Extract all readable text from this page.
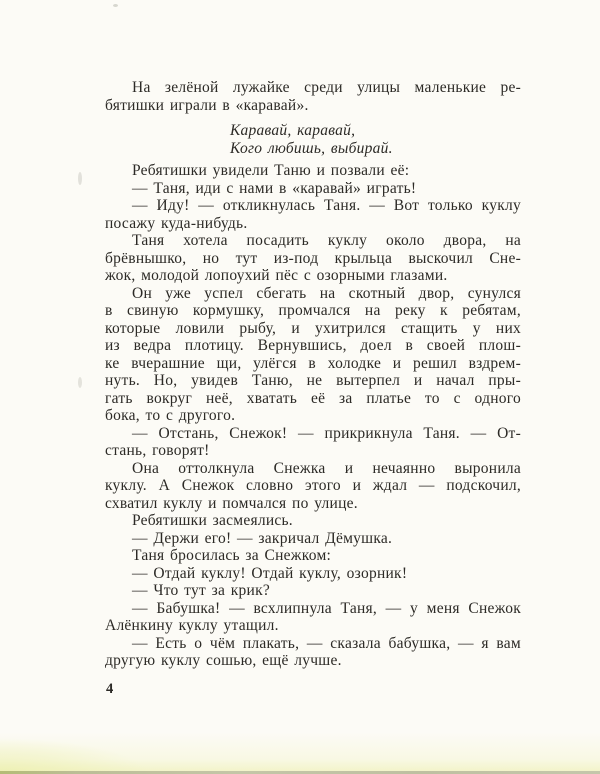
На зелёной лужайке среди улицы маленькие ре-
бятишки играли в «каравай».
Каравай, каравай,
Кого любишь, выбирай.
Ребятишки увидели Таню и позвали её:
— Таня, иди с нами в «каравай» играть!
— Иду! — откликнулась Таня. — Вот только куклу
посажу куда-нибудь.
Таня хотела посадить куклу около двора, на
брёвнышко, но тут из-под крыльца выскочил Сне-
жок, молодой лопоухий пёс с озорными глазами.
Он уже успел сбегать на скотный двор, сунулся
в свиную кормушку, промчался на реку к ребятам,
которые ловили рыбу, и ухитрился стащить у них
из ведра плотицу. Вернувшись, доел в своей плош-
ке вчерашние щи, улёгся в холодке и решил вздрем-
нуть. Но, увидев Таню, не вытерпел и начал пры-
гать вокруг неё, хватать её за платье то с одного
бока, то с другого.
— Отстань, Снежок! — прикрикнула Таня. — От-
стань, говорят!
Она оттолкнула Снежка и нечаянно выронила
куклу. А Снежок словно этого и ждал — подскочил,
схватил куклу и помчался по улице.
Ребятишки засмеялись.
— Держи его! — закричал Дёмушка.
Таня бросилась за Снежком:
— Отдай куклу! Отдай куклу, озорник!
— Что тут за крик?
— Бабушка! — всхлипнула Таня, — у меня Снежок
Алёнкину куклу утащил.
— Есть о чём плакать, — сказала бабушка, — я вам
другую куклу сошью, ещё лучше.
4
